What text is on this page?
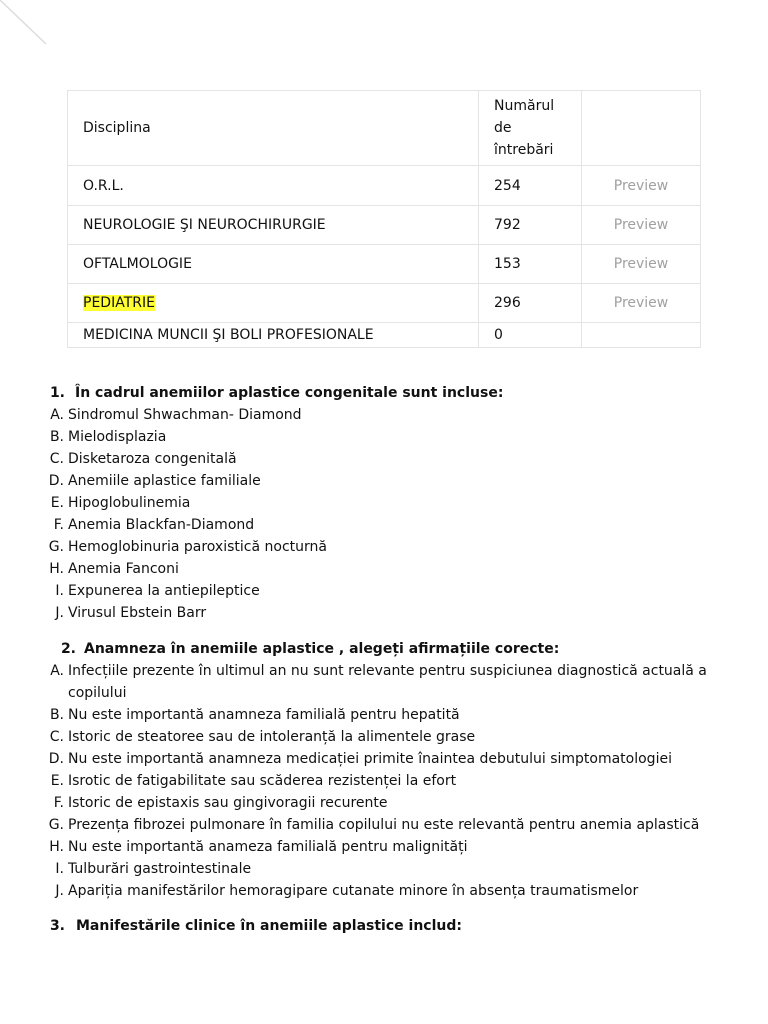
Disciplina	Numărul de întrebări	
O.R.L.	254	Preview
NEUROLOGIE ŞI NEUROCHIRURGIE	792	Preview
OFTALMOLOGIE	153	Preview
PEDIATRIE	296	Preview
MEDICINA MUNCII ŞI BOLI PROFESIONALE	0	
1. În cadrul anemiilor aplastice congenitale sunt incluse:
A. Sindromul Shwachman- Diamond
B. Mielodisplazia
C. Disketaroza congenitală
D. Anemiile aplastice familiale
E. Hipoglobulinemia
F. Anemia Blackfan-Diamond
G. Hemoglobinuria paroxistică nocturnă
H. Anemia Fanconi
I. Expunerea la antiepileptice
J. Virusul Ebstein Barr
2. Anamneza în anemiile aplastice , alegeți afirmațiile corecte:
A. Infecțiile prezente în ultimul an nu sunt relevante pentru suspiciunea diagnostică actuală a copilului
B. Nu este importantă anamneza familială pentru hepatită
C. Istoric de steatoree sau de intoleranță la alimentele grase
D. Nu este importantă anamneza medicației primite înaintea debutului simptomatologiei
E. Isrotic de fatigabilitate sau scăderea rezistenței la efort
F. Istoric de epistaxis sau gingivoragii recurente
G. Prezența fibrozei pulmonare în familia copilului nu este relevantă pentru anemia aplastică
H. Nu este importantă anameza familială pentru malignități
I. Tulburări gastrointestinale
J. Apariția manifestărilor hemoragipare cutanate minore în absența traumatismelor
3. Manifestările clinice în anemiile aplastice includ:
